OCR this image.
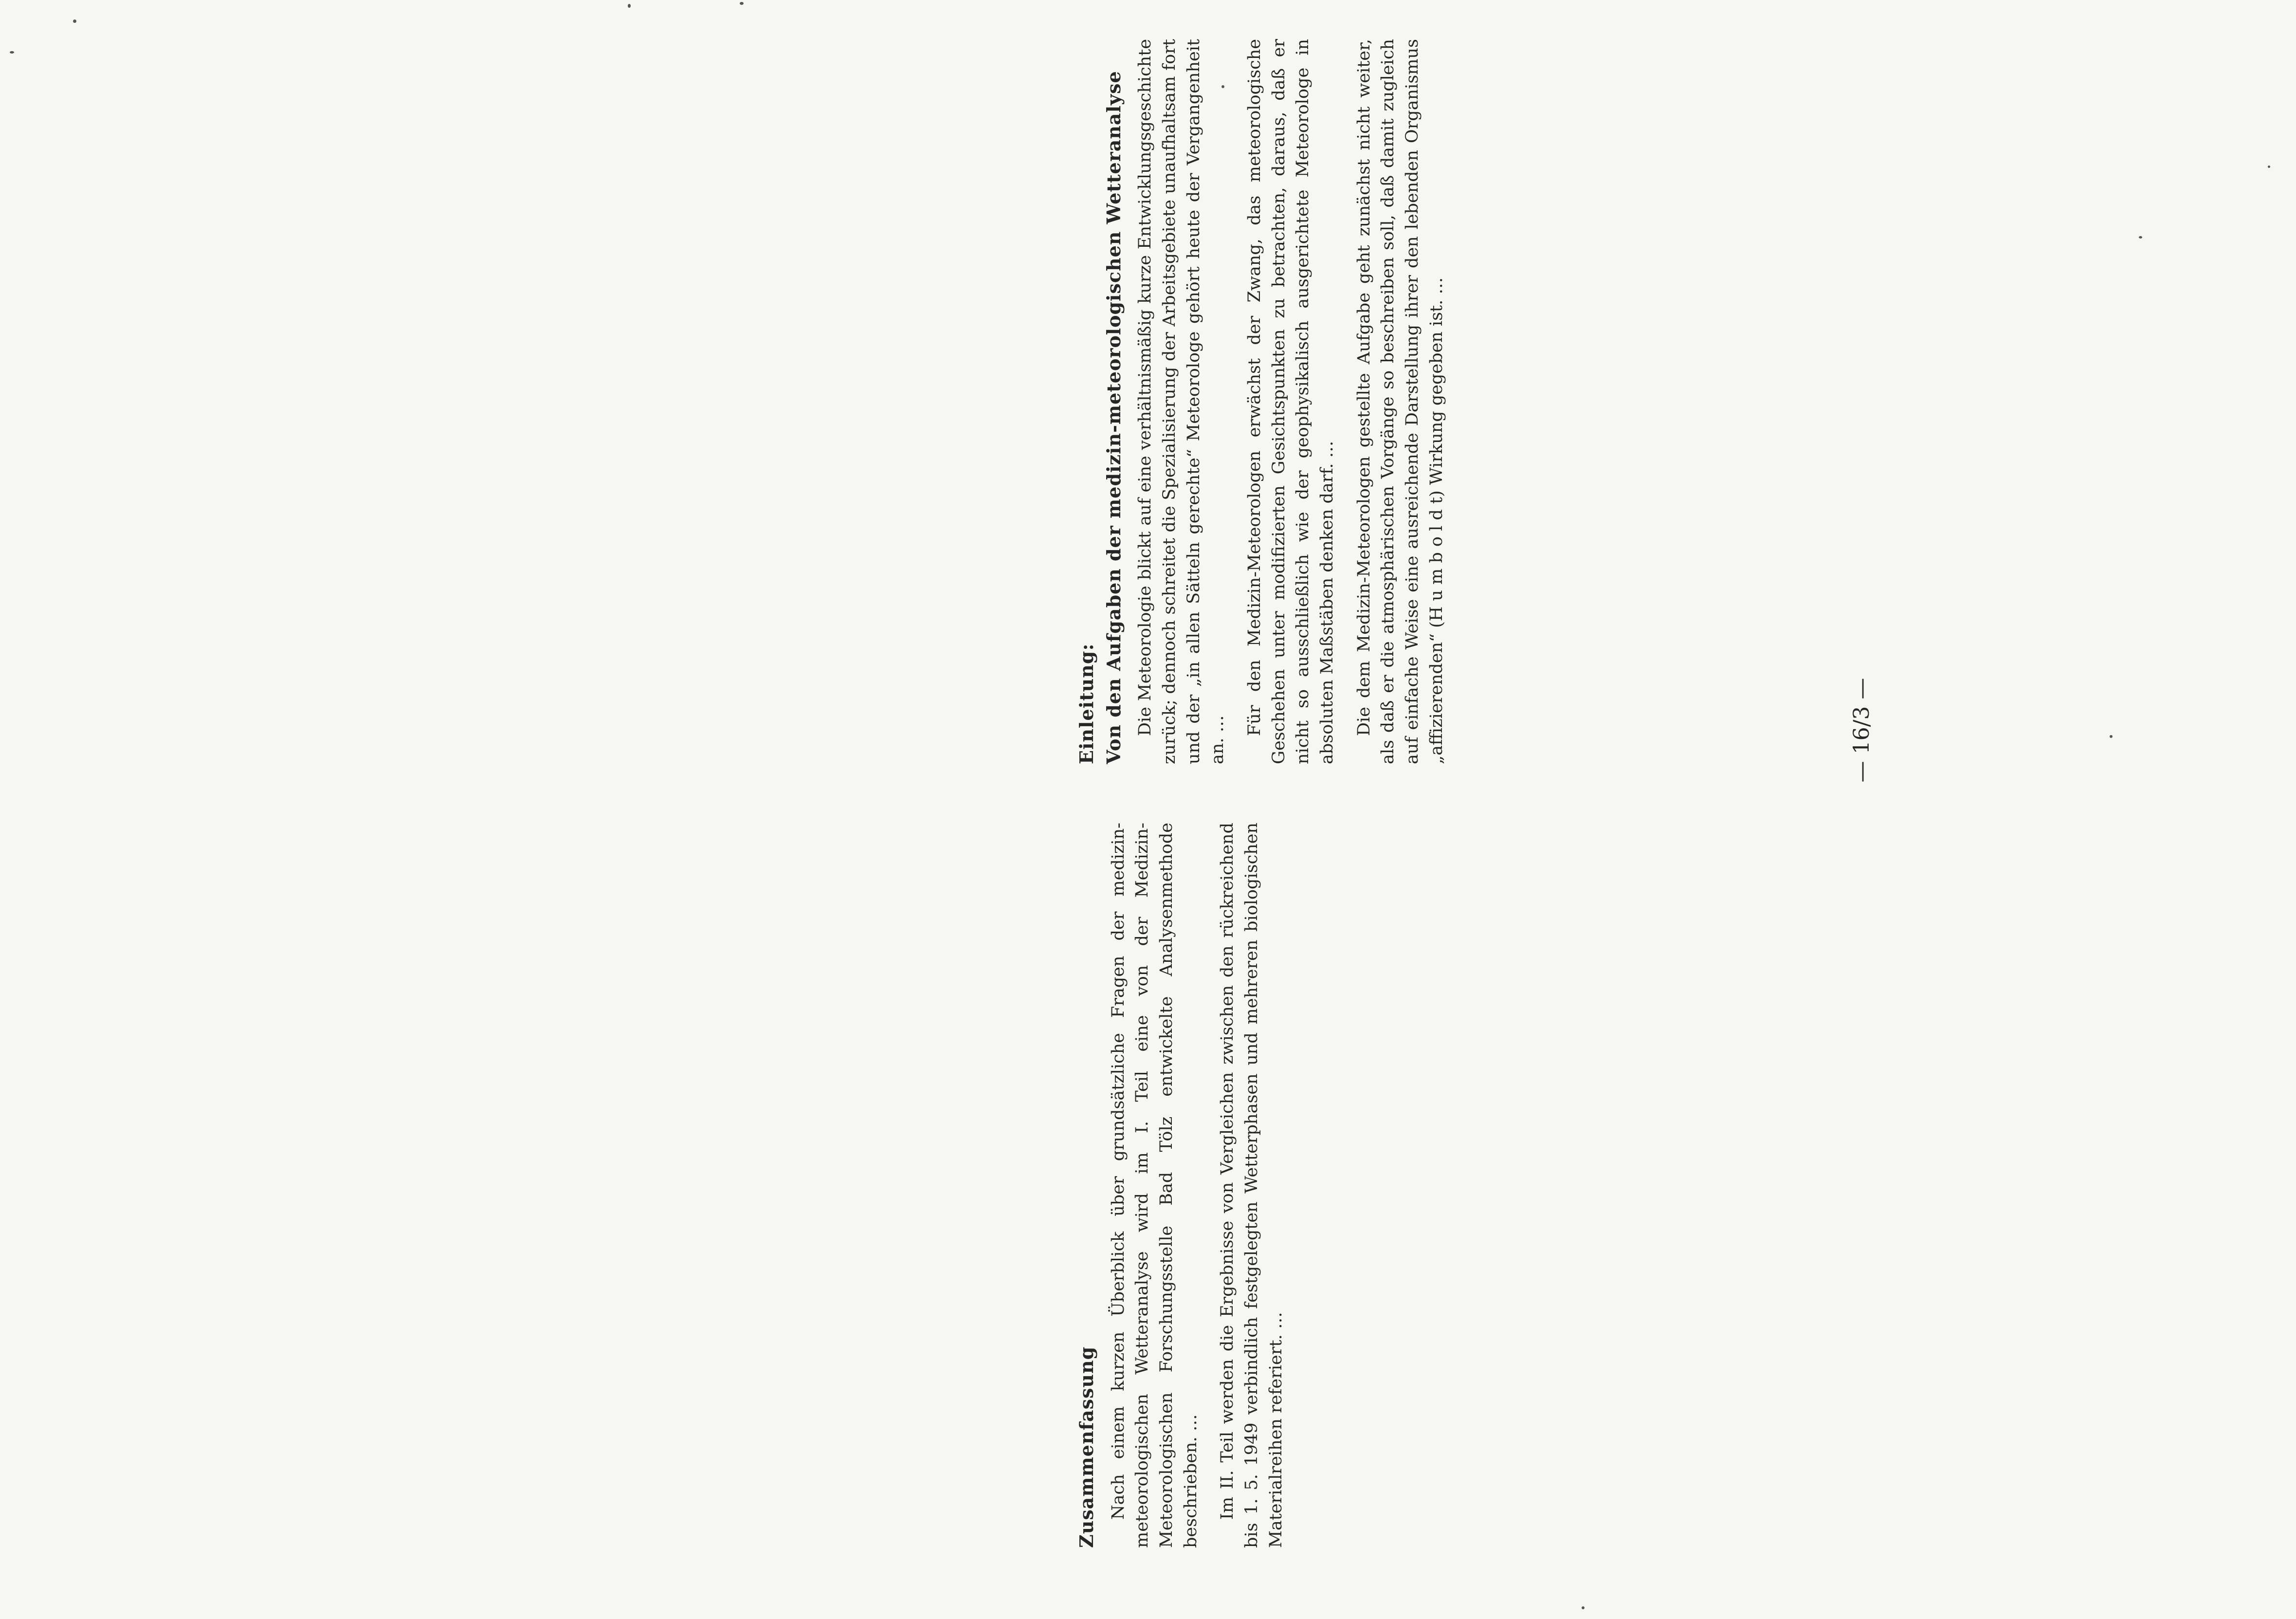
Zusammenfassung Nach einem kurzen Überblick über grundsätzliche Fragen der medizin-meteorologischen Wetteranalyse wird im I. Teil eine von der Medizin-Meteorologischen Forschungsstelle Bad Tölz entwickelte Analysenmethode beschrieben. … Im II. Teil werden die Ergebnisse von Vergleichen zwischen den rückreichend bis 1. 5. 1949 verbindlich festgelegten Wetterphasen und mehreren biologischen Materialreihen referiert. …

Einleitung: Von den Aufgaben der medizin-meteorologischen Wetteranalyse Die Meteorologie blickt auf eine verhältnismäßig kurze Entwicklungsgeschichte zurück; dennoch schreitet die Spezialisierung der Arbeitsgebiete unaufhaltsam fort und der „in allen Sätteln gerechte“ Meteorologe gehört heute der Vergangenheit an. …

Für den Medizin-Meteorologen erwächst der Zwang, das meteorologische Geschehen unter modifizierten Gesichtspunkten zu betrachten, daraus, daß er nicht so ausschließlich wie der geophysikalisch ausgerichtete Meteorologe in absoluten Maßstäben denken darf. … Die dem Medizin-Meteorologen gestellte Aufgabe geht zunächst nicht weiter, als daß er die atmosphärischen Vorgänge so beschreiben soll, daß damit zugleich auf einfache Weise eine ausreichende Darstellung ihrer den lebenden Organismus „affizierenden“ (H u m b o l d t) Wirkung gegeben ist. …	— 16/3 —
